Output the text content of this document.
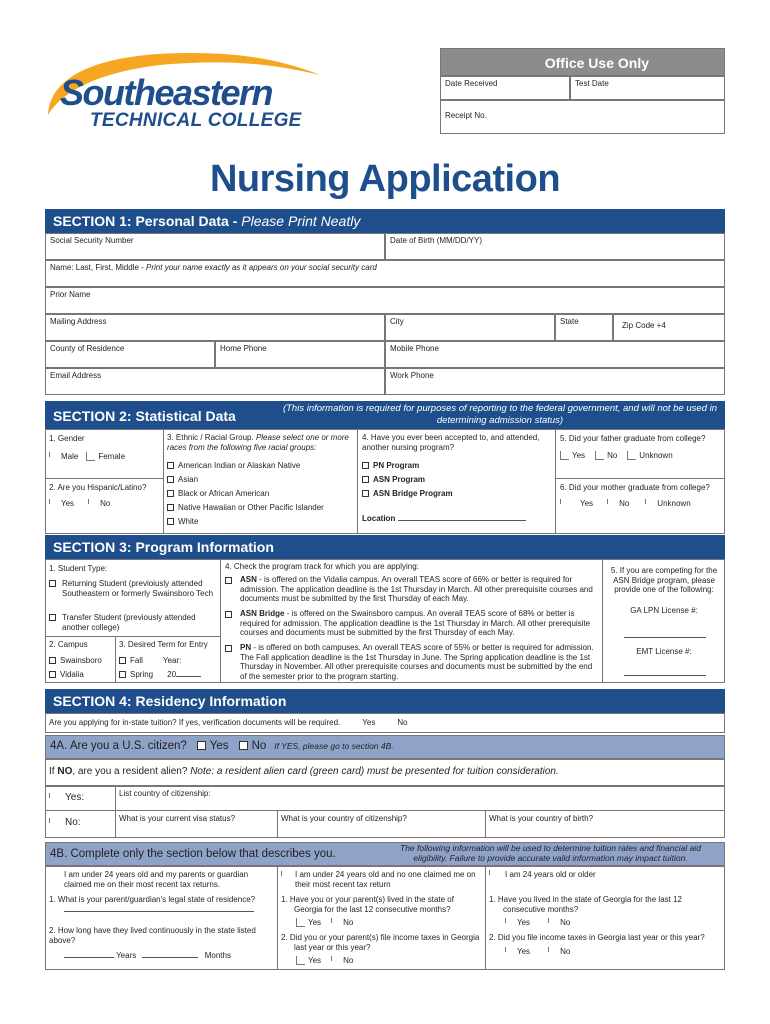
Southeastern
TECHNICAL COLLEGE
Office Use Only
Date Received	Test Date
Receipt No.
Nursing Application
SECTION 1: Personal Data - Please Print Neatly
Social Security Number	Date of Birth (MM/DD/YY)
Name: Last, First, Middle - Print your name exactly as it appears on your social security card
Prior Name
Mailing Address	City	State	Zip Code +4
County of Residence	Home Phone	Mobile Phone
Email Address	Work Phone
SECTION 2: Statistical Data	(This information is required for purposes of reporting to the federal government, and will not be used in determining admission status)
1. Gender
Male	Female
2. Are you Hispanic/Latino?
Yes	No
3. Ethnic / Racial Group. Please select one or more races from the following five racial groups:
American Indian or Alaskan Native
Asian
Black or African American
Native Hawaiian or Other Pacific Islander
White
4. Have you ever been accepted to, and attended, another nursing program?
PN Program
ASN Program
ASN Bridge Program
Location
5. Did your father graduate from college?
Yes	No	Unknown
6. Did your mother graduate from college?
Yes	No	Unknown
SECTION 3: Program Information
1. Student Type:
Returning Student (previoiusly attended Southeastern or formerly Swainsboro Tech
Transfer Student (previously attended another college)
2. Campus
Swainsboro
Vidalia
3. Desired Term for Entry
Fall	Year:
Spring 20
4. Check the program track for which you are applying:
ASN - is offered on the Vidalia campus. An overall TEAS score of 66% or better is required for admission. The application deadline is the 1st Thursday in March. All other prerequisite courses and documents must be submitted by the first Thursday of each May.
ASN Bridge - is offered on the Swainsboro campus. An overall TEAS score of 68% or better is required for admission. The application deadline is the 1st Thursday in March. All other prerequisite courses and documents must be submitted by the first Thursday of each May.
PN - is offered on both campuses. An overall TEAS score of 55% or better is required for admission. The Fall application deadline is the 1st Thursday in June. The Spring application deadline is the 1st Thursday in November. All other prerequisite courses and documents must be submitted by the end of the semester prior to the program starting.
5. If you are competing for the ASN Bridge program, please provide one of the following:
GA LPN License #:
EMT License #:
SECTION 4: Residency Information
Are you applying for in-state tuition? If yes, verification documents will be required.	Yes	No
4A. Are you a U.S. citizen? Yes No If YES, please go to section 4B.
If NO, are you a resident alien? Note: a resident alien card (green card) must be presented for tuition consideration.
Yes:	List country of citizenship:
No:	What is your current visa status?	What is your country of citizenship?	What is your country of birth?
4B. Complete only the section below that describes you.	The following information will be used to determine tuition rates and financial aid eligibility. Failure to provide accurate valid information may impact tuition.
I am under 24 years old and my parents or guardian claimed me on their most recent tax returns.
1. What is your parent/guardian's legal state of residence?
2. How long have they lived continuously in the state listed above?
Years	Months
I am under 24 years old and no one claimed me on their most recent tax return
1. Have you or your parent(s) lived in the state of Georgia for the last 12 consecutive months?
Yes	No
2. Did you or your parent(s) file income taxes in Georgia last year or this year?
Yes	No
I am 24 years old or older
1. Have you lived in the state of Georgia for the last 12 consecutive months?
Yes	No
2. Did you file income taxes in Georgia last year or this year?
Yes	No
